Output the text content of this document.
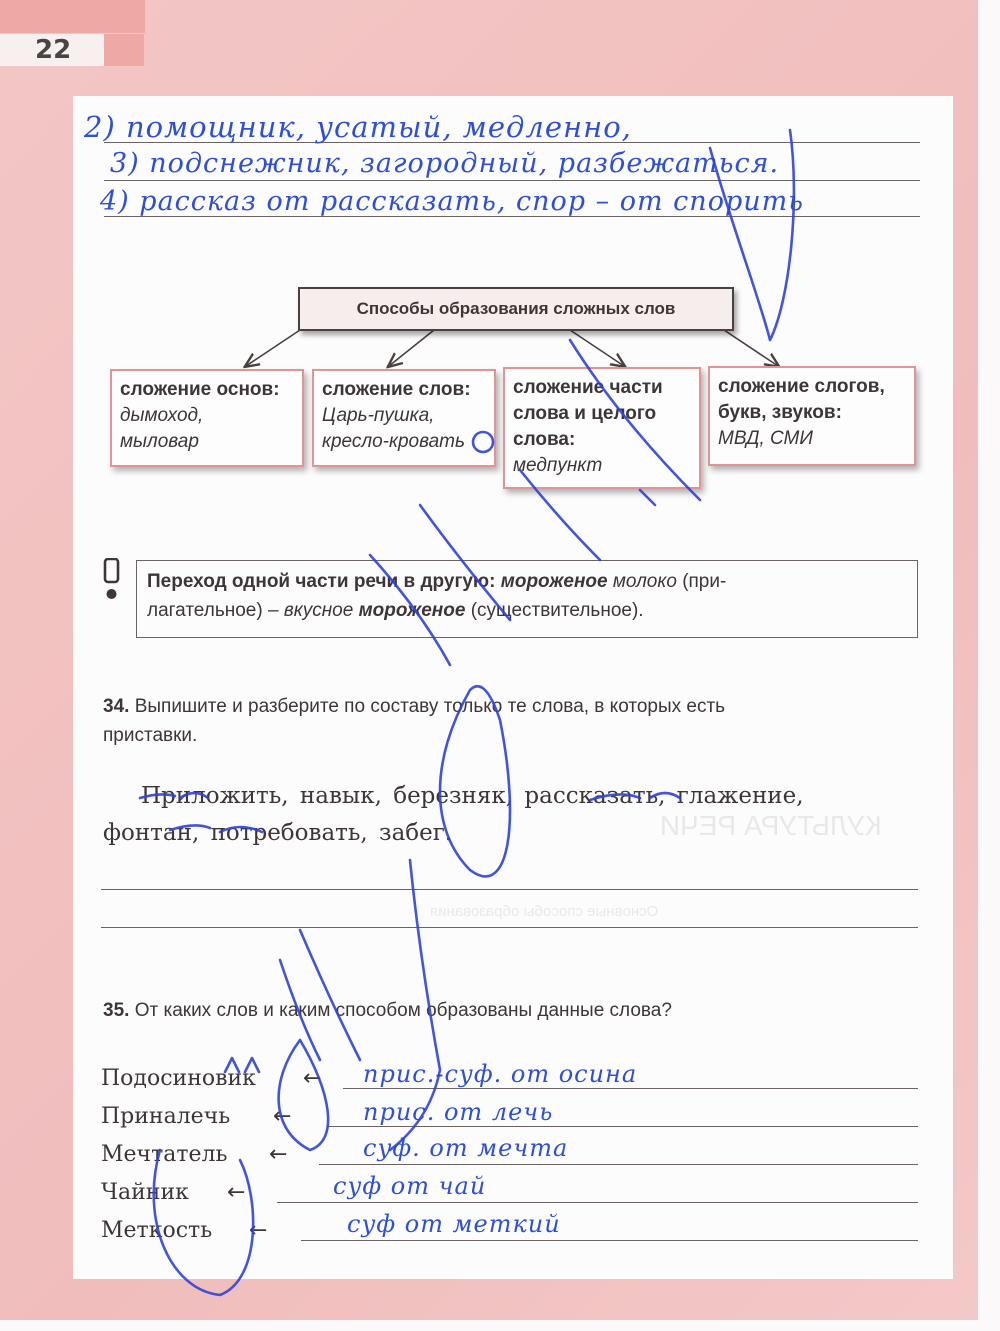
22
КУЛЬТУРА РЕЧИ
Основные способы образования
2) помощник, усатый, медленно,
3) подснежник, загородный, разбежаться.
4) рассказ от рассказать, спор – от спорить
Способы образования сложных слов
сложение основ:
дымоход,
мыловар
сложение слов:
Царь-пушка,
кресло-кровать
сложение части
слова и целого
слова:
медпункт
сложение слогов,
букв, звуков:
МВД, СМИ
Переход одной части речи в другую: мороженое молоко (при-
лагательное) – вкусное мороженое (существительное).
34. Выпишите и разберите по составу только те слова, в которых есть
приставки.
Приложить, навык, березняк, рассказать, глажение,
фонтан, потребовать, забег.
35. От каких слов и каким способом образованы данные слова?
Подосиновик ← прис.-суф. от осина
Приналечь ←	прис. от лечь
Мечтатель ←	суф. от мечта
Чайник ←	суф от чай
Меткость ←	суф от меткий
